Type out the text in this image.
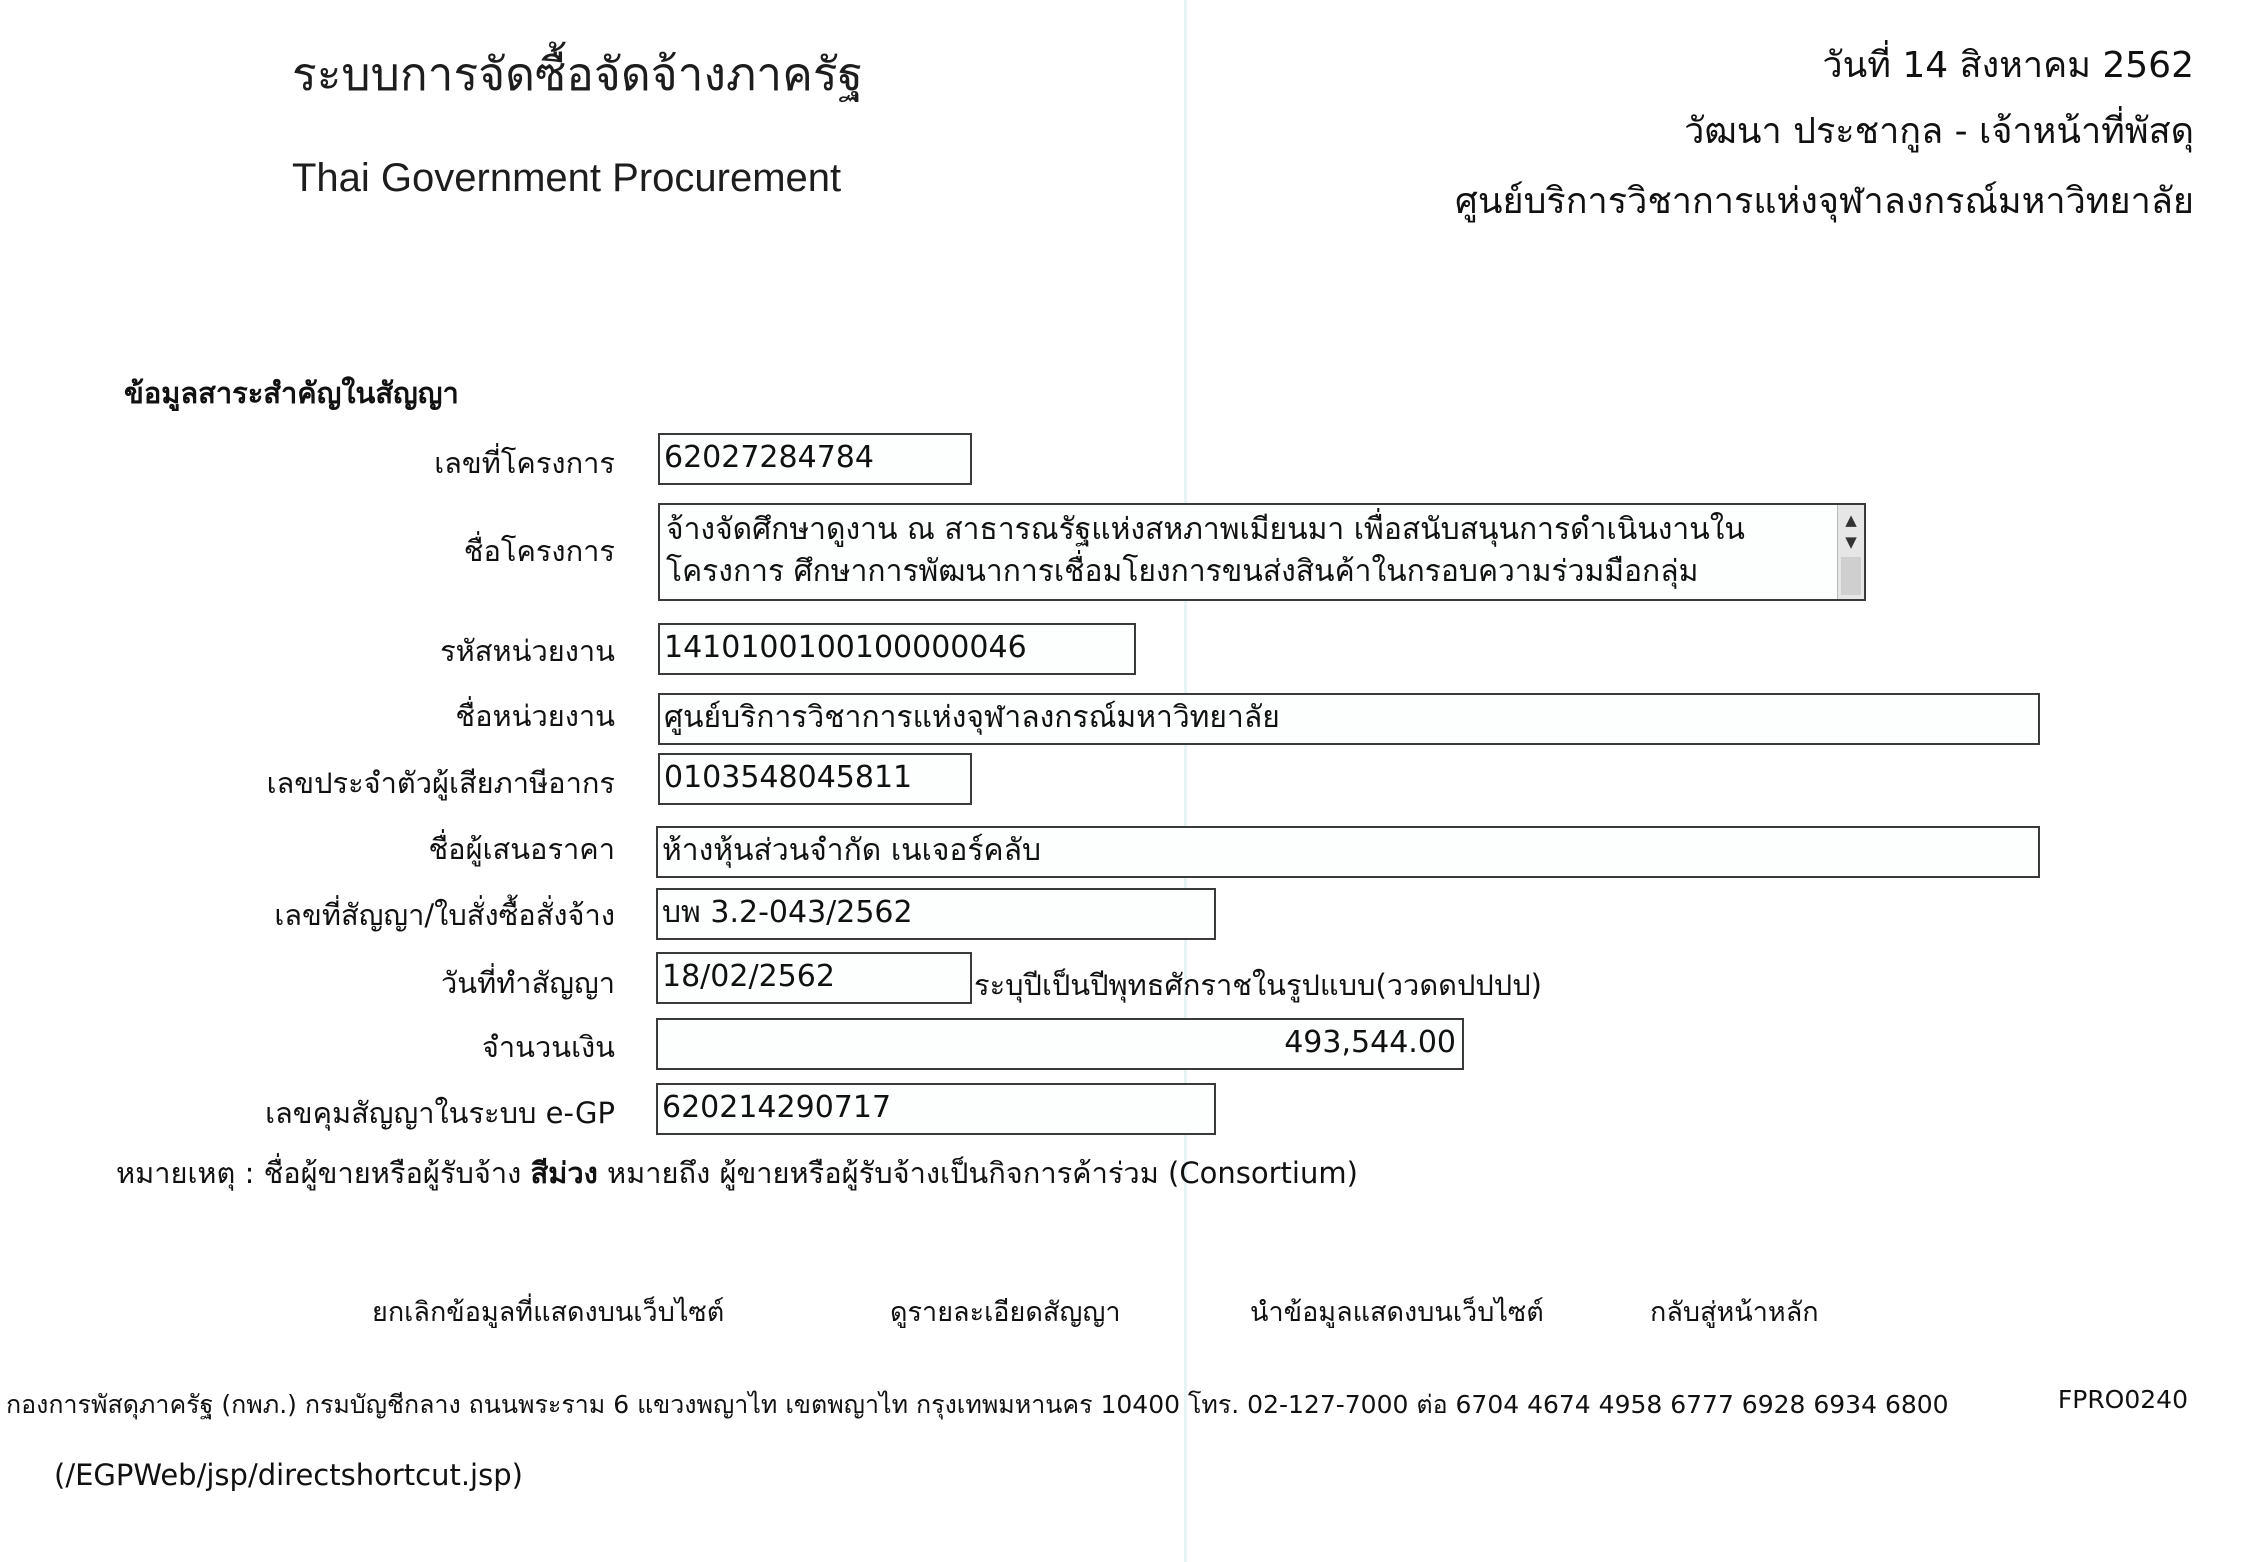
ระบบการจัดซื้อจัดจ้างภาครัฐ
Thai Government Procurement
วันที่ 14 สิงหาคม 2562
วัฒนา ประชากูล - เจ้าหน้าที่พัสดุ
ศูนย์บริการวิชาการแห่งจุฬาลงกรณ์มหาวิทยาลัย
ข้อมูลสาระสำคัญในสัญญา
เลขที่โครงการ 62027284784
ชื่อโครงการ
จ้างจัดศึกษาดูงาน ณ สาธารณรัฐแห่งสหภาพเมียนมา เพื่อสนับสนุนการดำเนินงานใน โครงการ ศึกษาการพัฒนาการเชื่อมโยงการขนส่งสินค้าในกรอบความร่วมมือกลุ่ม
▲
▼
รหัสหน่วยงาน 1410100100100000046
ชื่อหน่วยงาน ศูนย์บริการวิชาการแห่งจุฬาลงกรณ์มหาวิทยาลัย
เลขประจำตัวผู้เสียภาษีอากร 0103548045811
ชื่อผู้เสนอราคา ห้างหุ้นส่วนจำกัด เนเจอร์คลับ
เลขที่สัญญา/ใบสั่งซื้อสั่งจ้าง บพ 3.2-043/2562
วันที่ทำสัญญา 18/02/2562	ระบุปีเป็นปีพุทธศักราชในรูปแบบ(ววดดปปปป)
จำนวนเงิน	493,544.00
เลขคุมสัญญาในระบบ e-GP 620214290717
หมายเหตุ : ชื่อผู้ขายหรือผู้รับจ้าง สีม่วง หมายถึง ผู้ขายหรือผู้รับจ้างเป็นกิจการค้าร่วม (Consortium)
ยกเลิกข้อมูลที่แสดงบนเว็บไซต์	ดูรายละเอียดสัญญา	นำข้อมูลแสดงบนเว็บไซต์	กลับสู่หน้าหลัก
กองการพัสดุภาครัฐ (กพภ.) กรมบัญชีกลาง ถนนพระราม 6 แขวงพญาไท เขตพญาไท กรุงเทพมหานคร 10400 โทร. 02-127-7000 ต่อ 6704 4674 4958 6777 6928 6934 6800	FPRO0240
(/EGPWeb/jsp/directshortcut.jsp)
